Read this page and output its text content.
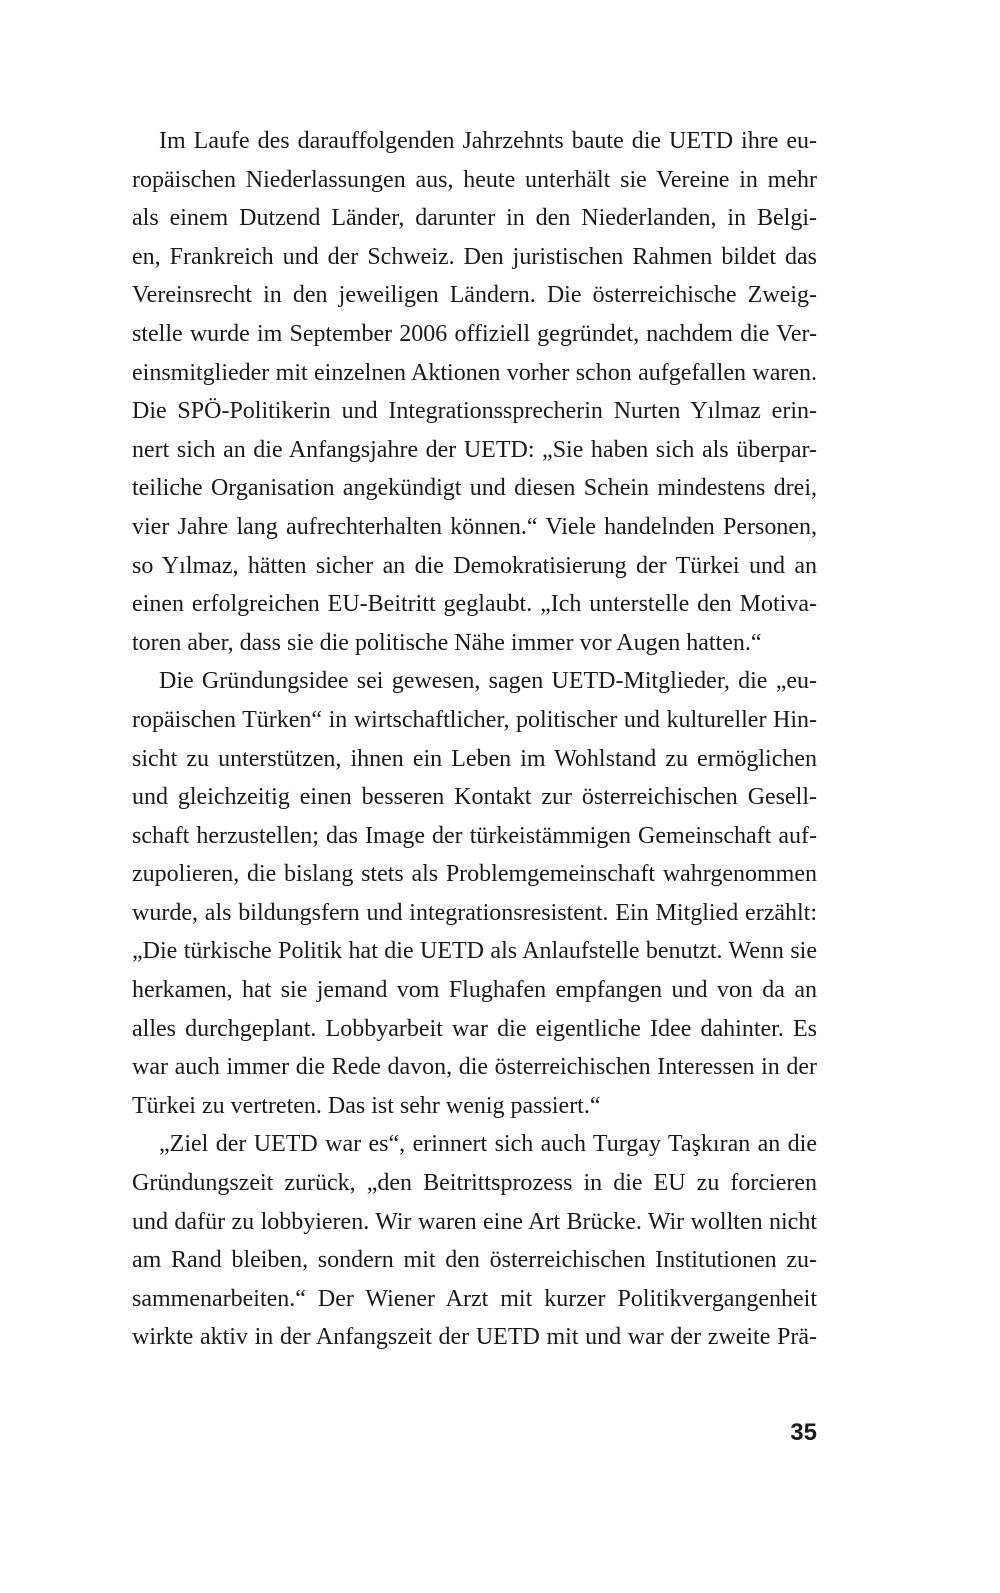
Im Laufe des darauffolgenden Jahrzehnts baute die UETD ihre eu-
ropäischen Niederlassungen aus, heute unterhält sie Vereine in mehr
als einem Dutzend Länder, darunter in den Niederlanden, in Belgi-
en, Frankreich und der Schweiz. Den juristischen Rahmen bildet das
Vereinsrecht in den jeweiligen Ländern. Die österreichische Zweig-
stelle wurde im September 2006 offiziell gegründet, nachdem die Ver-
einsmitglieder mit einzelnen Aktionen vorher schon aufgefallen waren.
Die SPÖ-Politikerin und Integrationssprecherin Nurten Yılmaz erin-
nert sich an die Anfangsjahre der UETD: „Sie haben sich als überpar-
teiliche Organisation angekündigt und diesen Schein mindestens drei,
vier Jahre lang aufrechterhalten können.“ Viele handelnden Personen,
so Yılmaz, hätten sicher an die Demokratisierung der Türkei und an
einen erfolgreichen EU-Beitritt geglaubt. „Ich unterstelle den Motiva-
toren aber, dass sie die politische Nähe immer vor Augen hatten.“
Die Gründungsidee sei gewesen, sagen UETD-Mitglieder, die „eu-
ropäischen Türken“ in wirtschaftlicher, politischer und kultureller Hin-
sicht zu unterstützen, ihnen ein Leben im Wohlstand zu ermöglichen
und gleichzeitig einen besseren Kontakt zur österreichischen Gesell-
schaft herzustellen; das Image der türkeistämmigen Gemeinschaft auf-
zupolieren, die bislang stets als Problemgemeinschaft wahrgenommen
wurde, als bildungsfern und integrationsresistent. Ein Mitglied erzählt:
„Die türkische Politik hat die UETD als Anlaufstelle benutzt. Wenn sie
herkamen, hat sie jemand vom Flughafen empfangen und von da an
alles durchgeplant. Lobbyarbeit war die eigentliche Idee dahinter. Es
war auch immer die Rede davon, die österreichischen Interessen in der
Türkei zu vertreten. Das ist sehr wenig passiert.“
„Ziel der UETD war es“, erinnert sich auch Turgay Taşkıran an die
Gründungszeit zurück, „den Beitrittsprozess in die EU zu forcieren
und dafür zu lobbyieren. Wir waren eine Art Brücke. Wir wollten nicht
am Rand bleiben, sondern mit den österreichischen Institutionen zu-
sammenarbeiten.“ Der Wiener Arzt mit kurzer Politikvergangenheit
wirkte aktiv in der Anfangszeit der UETD mit und war der zweite Prä-
35
